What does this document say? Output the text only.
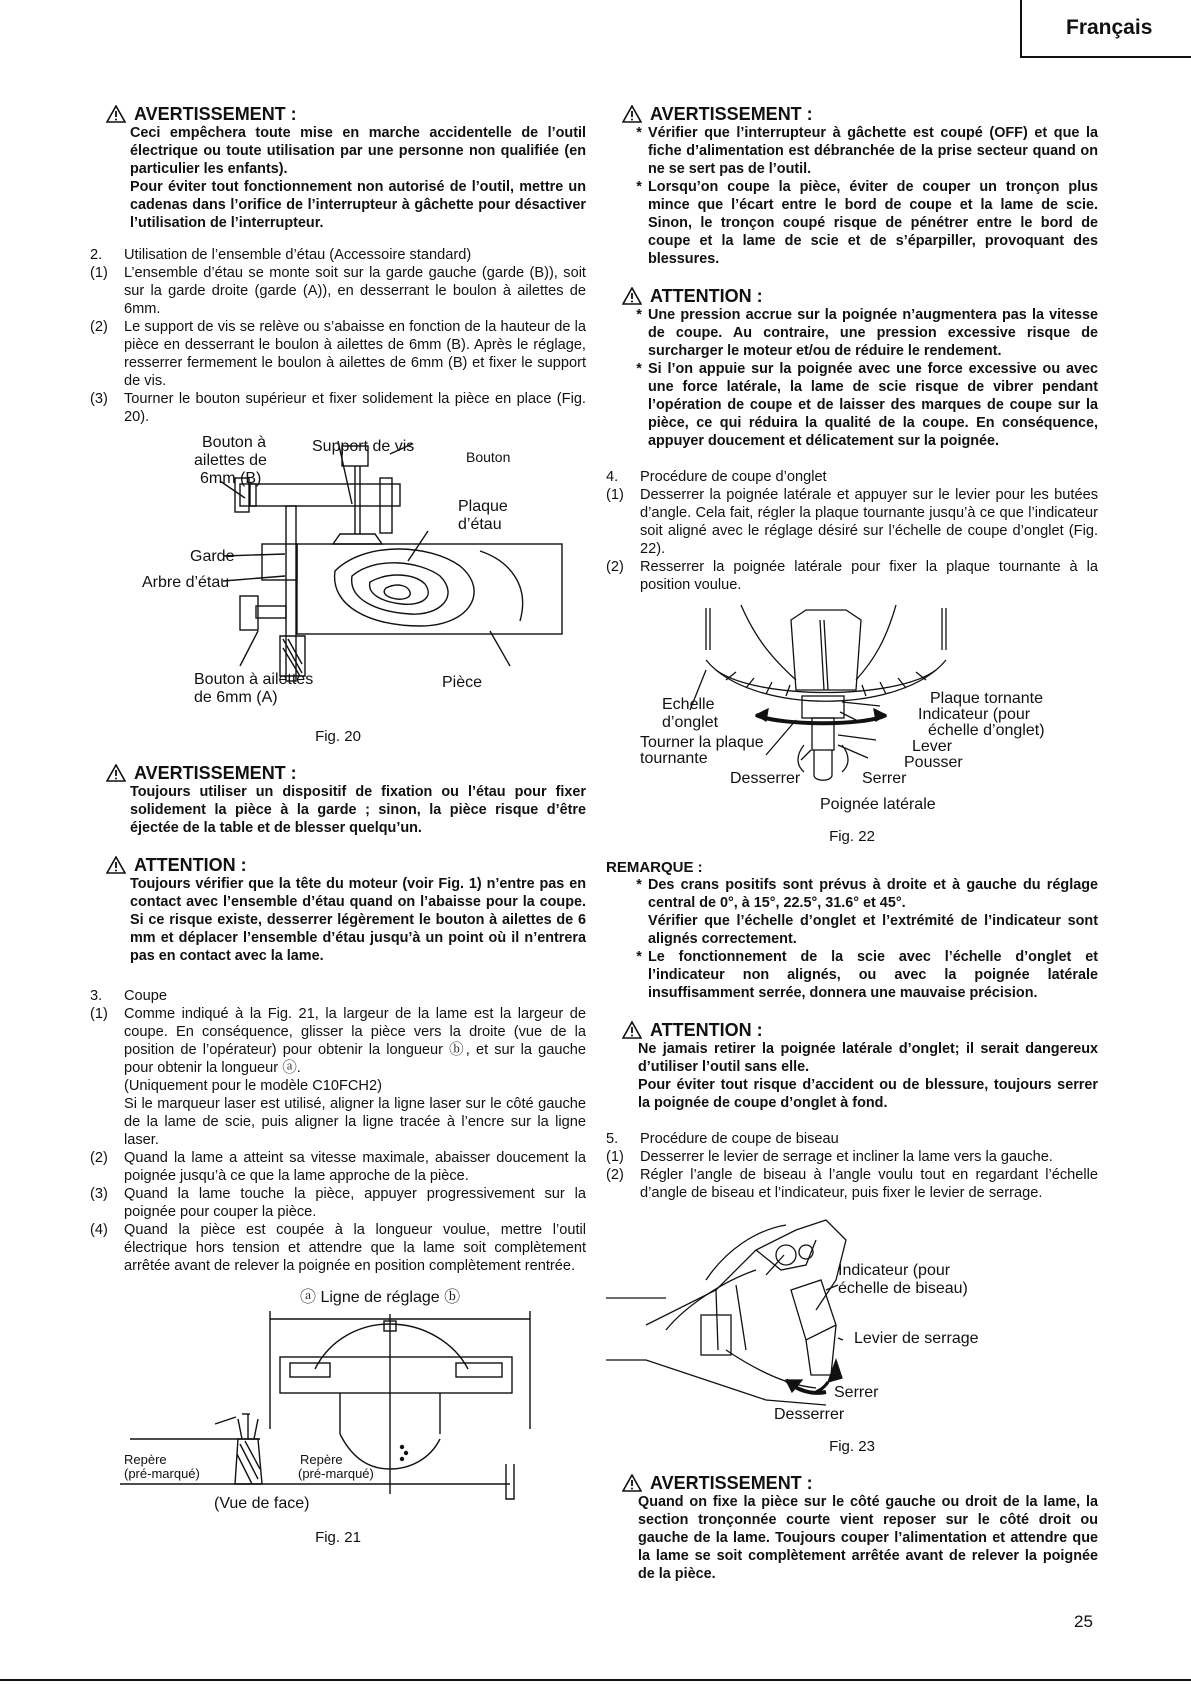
Français
AVERTISSEMENT :
Ceci empêchera toute mise en marche accidentelle de l’outil électrique ou toute utilisation par une personne non qualifiée (en particulier les enfants).
Pour éviter tout fonctionnement non autorisé de l’outil, mettre un cadenas dans l’orifice de l’interrupteur à gâchette pour désactiver l’utilisation de l’interrupteur.
2.	Utilisation de l’ensemble d’étau (Accessoire standard)
(1)	L’ensemble d’étau se monte soit sur la garde gauche (garde (B)), soit sur la garde droite (garde (A)), en desserrant le boulon à ailettes de 6mm.
(2)	Le support de vis se relève ou s’abaisse en fonction de la hauteur de la pièce en desserrant le boulon à ailettes de 6mm (B). Après le réglage, resserrer fermement le boulon à ailettes de 6mm (B) et fixer le support de vis.
(3)	Tourner le bouton supérieur et fixer solidement la pièce en place (Fig. 20).
Bouton à
ailettes de
6mm (B)
Support de vis
Bouton
Plaque
d’étau
Garde
Arbre d’étau
Bouton à ailettes
de 6mm (A)
Pièce
Fig. 20
AVERTISSEMENT :
Toujours utiliser un dispositif de fixation ou l’étau pour fixer solidement la pièce à la garde ; sinon, la pièce risque d’être éjectée de la table et de blesser quelqu’un.
ATTENTION :
Toujours vérifier que la tête du moteur (voir Fig. 1) n’entre pas en contact avec l’ensemble d’étau quand on l’abaisse pour la coupe. Si ce risque existe, desserrer légèrement le bouton à ailettes de 6 mm et déplacer l’ensemble d’étau jusqu’à un point où il n’entrera pas en contact avec la lame.
3.	Coupe
(1)	Comme indiqué à la Fig. 21, la largeur de la lame est la largeur de coupe. En conséquence, glisser la pièce vers la droite (vue de la position de l’opérateur) pour obtenir la longueur ⓑ, et sur la gauche pour obtenir la longueur ⓐ.
(Uniquement pour le modèle C10FCH2)
Si le marqueur laser est utilisé, aligner la ligne laser sur le côté gauche de la lame de scie, puis aligner la ligne tracée à l’encre sur la ligne laser.
(2)	Quand la lame a atteint sa vitesse maximale, abaisser doucement la poignée jusqu’à ce que la lame approche de la pièce.
(3)	Quand la lame touche la pièce, appuyer progressivement sur la poignée pour couper la pièce.
(4)	Quand la pièce est coupée à la longueur voulue, mettre l’outil électrique hors tension et attendre que la lame soit complètement arrêtée avant de relever la poignée en position complètement rentrée.
ⓐ Ligne de réglage ⓑ
Repère
(pré-marqué)
Repère
(pré-marqué)
(Vue de face)
Fig. 21
AVERTISSEMENT :
* Vérifier que l’interrupteur à gâchette est coupé (OFF) et que la fiche d’alimentation est débranchée de la prise secteur quand on ne se sert pas de l’outil.
* Lorsqu’on coupe la pièce, éviter de couper un tronçon plus mince que l’écart entre le bord de coupe et la lame de scie. Sinon, le tronçon coupé risque de pénétrer entre le bord de coupe et la lame de scie et de s’éparpiller, provoquant des blessures.
ATTENTION :
* Une pression accrue sur la poignée n’augmentera pas la vitesse de coupe. Au contraire, une pression excessive risque de surcharger le moteur et/ou de réduire le rendement.
* Si l’on appuie sur la poignée avec une force excessive ou avec une force latérale, la lame de scie risque de vibrer pendant l’opération de coupe et de laisser des marques de coupe sur la pièce, ce qui réduira la qualité de la coupe. En conséquence, appuyer doucement et délicatement sur la poignée.
4.	Procédure de coupe d’onglet
(1)	Desserrer la poignée latérale et appuyer sur le levier pour les butées d’angle. Cela fait, régler la plaque tournante jusqu’à ce que l’indicateur soit aligné avec le réglage désiré sur l’échelle de coupe d’onglet (Fig. 22).
(2)	Resserrer la poignée latérale pour fixer la plaque tournante à la position voulue.
Echelle
d’onglet
Plaque tornante
Indicateur (pour
échelle d’onglet)
Tourner la plaque
tournante
Lever
Pousser
Desserrer	Serrer
Poignée latérale
Fig. 22
REMARQUE :
* Des crans positifs sont prévus à droite et à gauche du réglage central de 0°, à 15°, 22.5°, 31.6° et 45°.
Vérifier que l’échelle d’onglet et l’extrémité de l’indicateur sont alignés correctement.
* Le fonctionnement de la scie avec l’échelle d’onglet et l’indicateur non alignés, ou avec la poignée latérale insuffisamment serrée, donnera une mauvaise précision.
ATTENTION :
Ne jamais retirer la poignée latérale d’onglet; il serait dangereux d’utiliser l’outil sans elle.
Pour éviter tout risque d’accident ou de blessure, toujours serrer la poignée de coupe d’onglet à fond.
5.	Procédure de coupe de biseau
(1)	Desserrer le levier de serrage et incliner la lame vers la gauche.
(2)	Régler l’angle de biseau à l’angle voulu tout en regardant l’échelle d’angle de biseau et l’indicateur, puis fixer le levier de serrage.
Indicateur (pour
échelle de biseau)
Levier de serrage
Serrer
Desserrer
Fig. 23
AVERTISSEMENT :
Quand on fixe la pièce sur le côté gauche ou droit de la lame, la section tronçonnée courte vient reposer sur le côté droit ou gauche de la lame. Toujours couper l’alimentation et attendre que la lame se soit complètement arrêtée avant de relever la poignée de la pièce.
25
